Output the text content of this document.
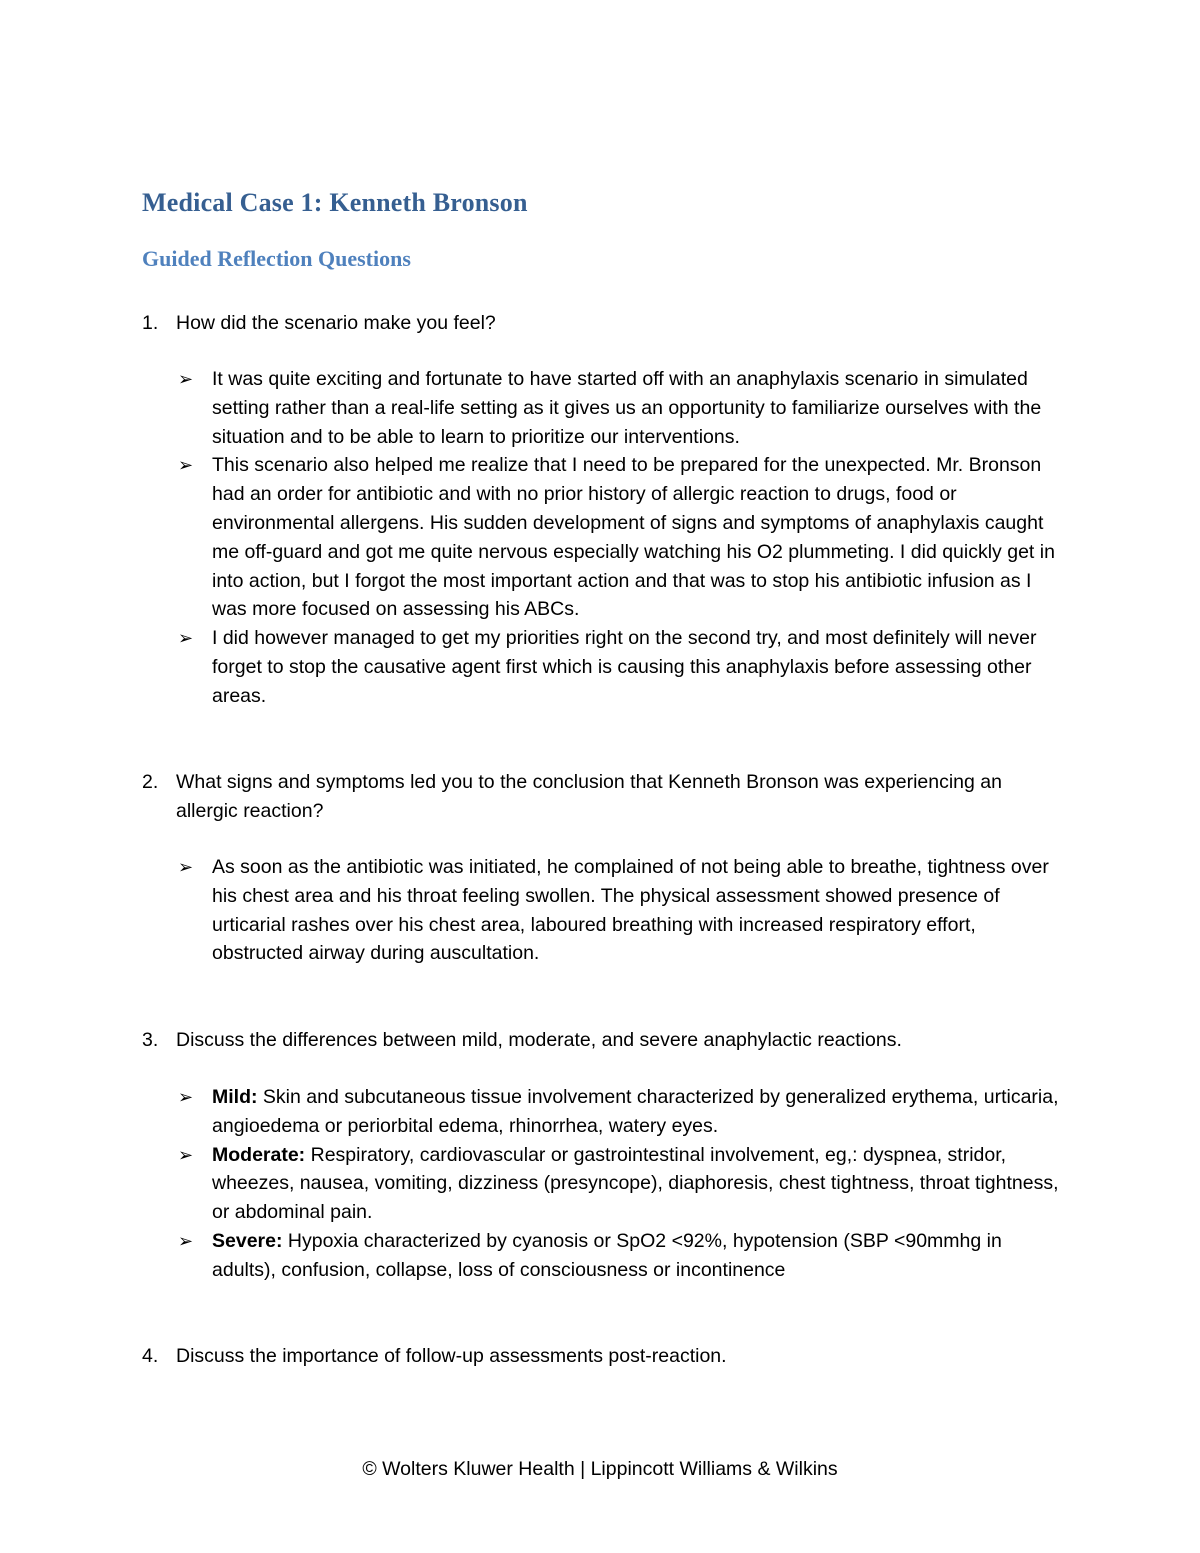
Medical Case 1: Kenneth Bronson
Guided Reflection Questions
1. How did the scenario make you feel?
➢ It was quite exciting and fortunate to have started off with an anaphylaxis scenario in simulated setting rather than a real-life setting as it gives us an opportunity to familiarize ourselves with the situation and to be able to learn to prioritize our interventions.
➢ This scenario also helped me realize that I need to be prepared for the unexpected. Mr. Bronson had an order for antibiotic and with no prior history of allergic reaction to drugs, food or environmental allergens. His sudden development of signs and symptoms of anaphylaxis caught me off-guard and got me quite nervous especially watching his O2 plummeting. I did quickly get in into action, but I forgot the most important action and that was to stop his antibiotic infusion as I was more focused on assessing his ABCs.
➢ I did however managed to get my priorities right on the second try, and most definitely will never forget to stop the causative agent first which is causing this anaphylaxis before assessing other areas.
2. What signs and symptoms led you to the conclusion that Kenneth Bronson was experiencing an allergic reaction?
➢ As soon as the antibiotic was initiated, he complained of not being able to breathe, tightness over his chest area and his throat feeling swollen. The physical assessment showed presence of urticarial rashes over his chest area, laboured breathing with increased respiratory effort, obstructed airway during auscultation.
3. Discuss the differences between mild, moderate, and severe anaphylactic reactions.
➢ Mild: Skin and subcutaneous tissue involvement characterized by generalized erythema, urticaria, angioedema or periorbital edema, rhinorrhea, watery eyes.
➢ Moderate: Respiratory, cardiovascular or gastrointestinal involvement, eg,: dyspnea, stridor, wheezes, nausea, vomiting, dizziness (presyncope), diaphoresis, chest tightness, throat tightness, or abdominal pain.
➢ Severe: Hypoxia characterized by cyanosis or SpO2 <92%, hypotension (SBP <90mmhg in adults), confusion, collapse, loss of consciousness or incontinence
4. Discuss the importance of follow-up assessments post-reaction.

© Wolters Kluwer Health | Lippincott Williams & Wilkins
